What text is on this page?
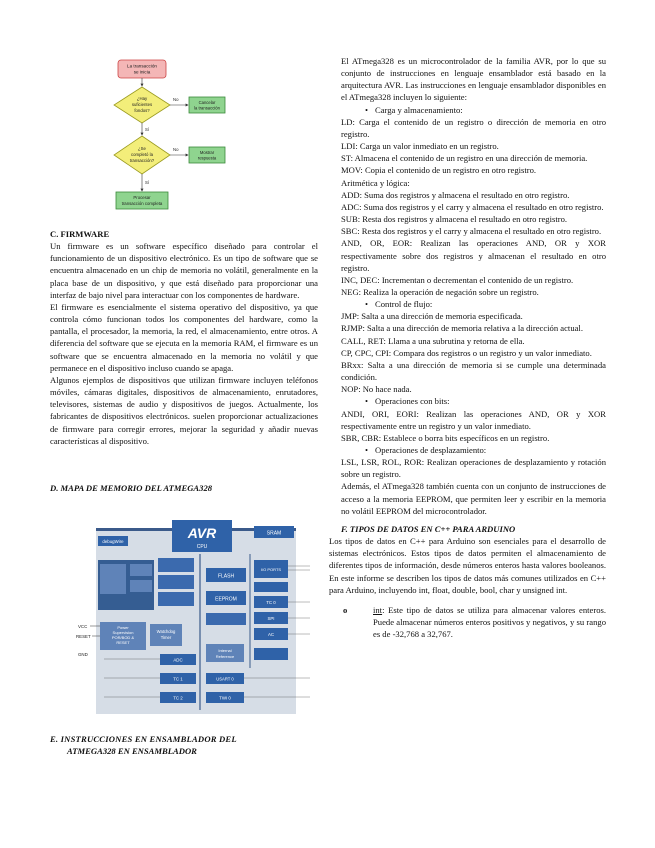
La transacción se inicia
¿Hay suficientes fondos?
No
Cancelar la transacción
Sí
¿Se completó la transacción?
No
Mostrar respuesta
Sí
Procesar transacción completa

C. FIRMWARE

Un firmware es un software específico diseñado para controlar el funcionamiento de un dispositivo electrónico. Es un tipo de software que se encuentra almacenado en un chip de memoria no volátil, generalmente en la placa base de un dispositivo, y que está diseñado para proporcionar una interfaz de bajo nivel para interactuar con los componentes de hardware.

El firmware es esencialmente el sistema operativo del dispositivo, ya que controla cómo funcionan todos los componentes del hardware, como la pantalla, el procesador, la memoria, la red, el almacenamiento, entre otros. A diferencia del software que se ejecuta en la memoria RAM, el firmware es un software que se encuentra almacenado en la memoria no volátil y que permanece en el dispositivo incluso cuando se apaga.

Algunos ejemplos de dispositivos que utilizan firmware incluyen teléfonos móviles, cámaras digitales, dispositivos de almacenamiento, enrutadores, televisores, sistemas de audio y dispositivos de juegos. Actualmente, los fabricantes de dispositivos electrónicos. suelen proporcionar actualizaciones de firmware para corregir errores, mejorar la seguridad y añadir nuevas características al dispositivo.

D. MAPA DE MEMORIO DEL ATMEGA328

AVR
CPU
SRAM
debugWire
FLASH
EEPROM
I/O PORTS
TC 0
SPI
AC
Power Supervision POR/BOD & RESET
Watchdog Timer
VCC
RESET
GND
ADC
Internal Reference
TC 1	USART 0
TC 2	TWI 0

E. INSTRUCCIONES EN ENSAMBLADOR DEL

ATMEGA328 EN ENSAMBLADOR

El ATmega328 es un microcontrolador de la familia AVR, por lo que su conjunto de instrucciones en lenguaje ensamblador está basado en la arquitectura AVR. Las instrucciones en lenguaje ensamblador disponibles en el ATmega328 incluyen lo siguiente:

• Carga y almacenamiento:

LD: Carga el contenido de un registro o dirección de memoria en otro registro.

LDI: Carga un valor inmediato en un registro.

ST: Almacena el contenido de un registro en una dirección de memoria.

MOV: Copia el contenido de un registro en otro registro.

Aritmética y lógica:

ADD: Suma dos registros y almacena el resultado en otro registro.

ADC: Suma dos registros y el carry y almacena el resultado en otro registro.

SUB: Resta dos registros y almacena el resultado en otro registro.

SBC: Resta dos registros y el carry y almacena el resultado en otro registro.

AND, OR, EOR: Realizan las operaciones AND, OR y XOR respectivamente sobre dos registros y almacenan el resultado en otro registro.

INC, DEC: Incrementan o decrementan el contenido de un registro.

NEG: Realiza la operación de negación sobre un registro.

• Control de flujo:

JMP: Salta a una dirección de memoria especificada.

RJMP: Salta a una dirección de memoria relativa a la dirección actual.

CALL, RET: Llama a una subrutina y retorna de ella.

CP, CPC, CPI: Compara dos registros o un registro y un valor inmediato.

BRxx: Salta a una dirección de memoria si se cumple una determinada condición.

NOP: No hace nada.

• Operaciones con bits:

ANDI, ORI, EORI: Realizan las operaciones AND, OR y XOR respectivamente entre un registro y un valor inmediato.

SBR, CBR: Establece o borra bits específicos en un registro.

• Operaciones de desplazamiento:

LSL, LSR, ROL, ROR: Realizan operaciones de desplazamiento y rotación sobre un registro.

Además, el ATmega328 también cuenta con un conjunto de instrucciones de acceso a la memoria EEPROM, que permiten leer y escribir en la memoria no volátil EEPROM del microcontrolador.

F. TIPOS DE DATOS EN C++ PARA ARDUINO

Los tipos de datos en C++ para Arduino son esenciales para el desarrollo de sistemas electrónicos. Estos tipos de datos permiten el almacenamiento de diferentes tipos de información, desde números enteros hasta valores booleanos. En este informe se describen los tipos de datos más comunes utilizados en C++ para Arduino, incluyendo int, float, double, bool, char y unsigned int.

o	int: Este tipo de datos se utiliza para almacenar valores enteros. Puede almacenar números enteros positivos y negativos, y su rango es de -32,768 a 32,767.
